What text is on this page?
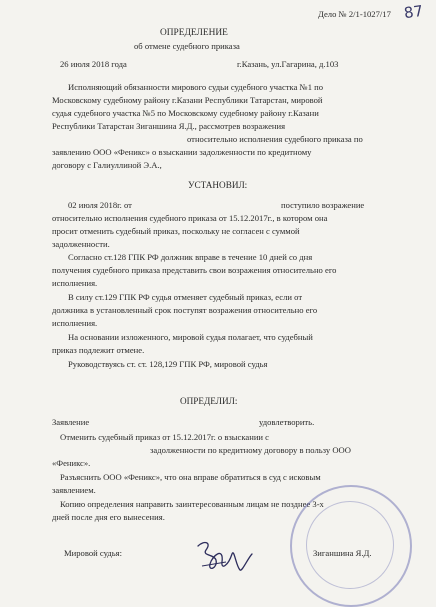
Дело № 2/1-1027/17 87
ОПРЕДЕЛЕНИЕ
об отмене судебного приказа
26 июля 2018 года	г.Казань, ул.Гагарина, д.103
Исполняющий обязанности мирового судьи судебного участка №1 по
Московскому судебному району г.Казани Республики Татарстан, мировой
судья судебного участка №5 по Московскому судебному району г.Казани
Республики Татарстан Зиганшина Я.Д., рассмотрев возражения
относительно исполнения судебного приказа по
заявлению ООО «Феникс» о взыскании задолженности по кредитному
договору с Галиуллиной Э.А.,
УСТАНОВИЛ:
02 июля 2018г. от	поступило возражение
относительно исполнения судебного приказа от 15.12.2017г., в котором она
просит отменить судебный приказ, поскольку не согласен с суммой
задолженности.
Согласно ст.128 ГПК РФ должник вправе в течение 10 дней со дня
получения судебного приказа представить свои возражения относительно его
исполнения.
В силу ст.129 ГПК РФ судья отменяет судебный приказ, если от
должника в установленный срок поступят возражения относительно его
исполнения.
На основании изложенного, мировой судья полагает, что судебный
приказ подлежит отмене.
Руководствуясь ст. ст. 128,129 ГПК РФ, мировой судья
ОПРЕДЕЛИЛ:
Заявление	удовлетворить.
Отменить судебный приказ от 15.12.2017г. о взыскании с
задолженности по кредитному договору в пользу ООО
«Феникс».
Разъяснить ООО «Феникс», что она вправе обратиться в суд с исковым
заявлением.
Копию определения направить заинтересованным лицам не позднее 3-х
дней после дня его вынесения.
Мировой судья:	Зиганшина Я.Д.
